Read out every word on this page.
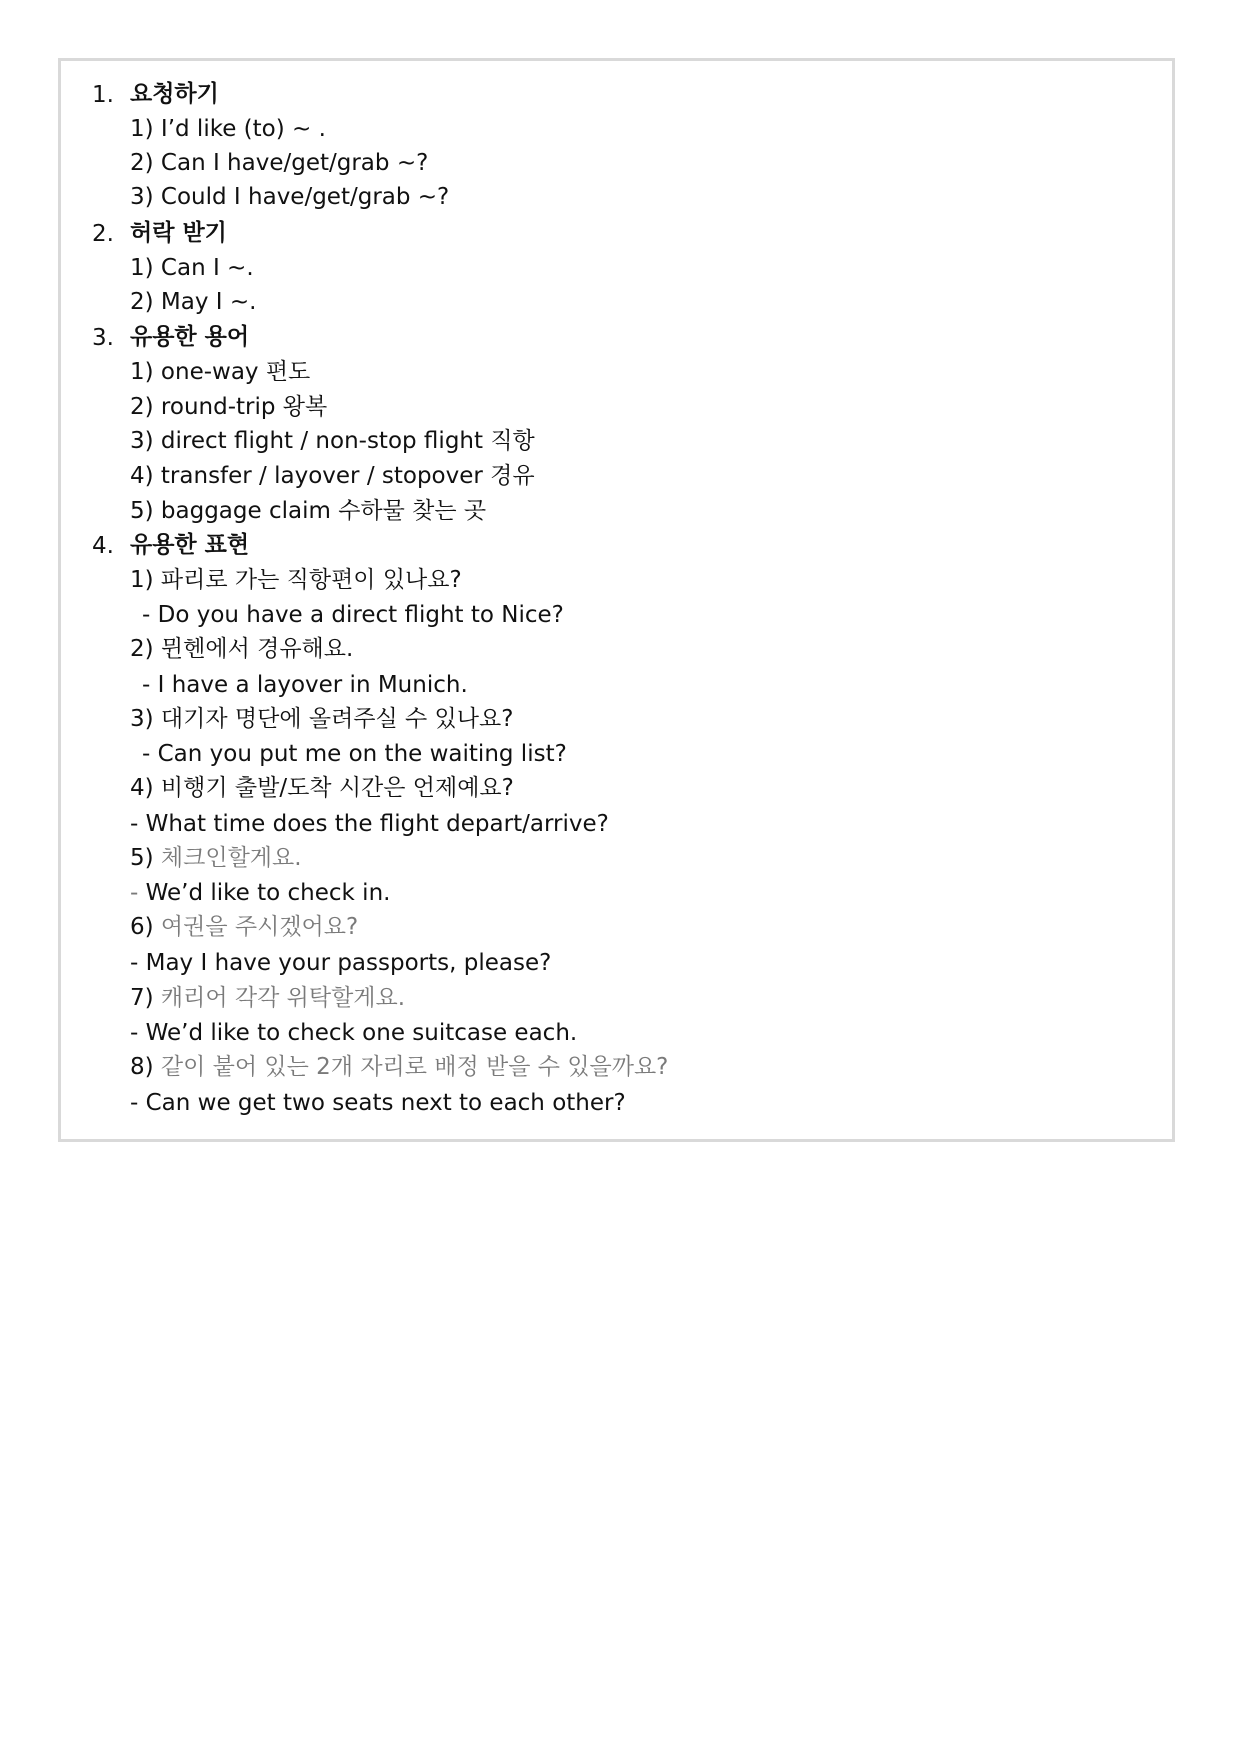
1. 요청하기
1) I’d like (to) ~ .
2) Can I have/get/grab ~?
3) Could I have/get/grab ~?
2. 허락 받기
1) Can I ~.
2) May I ~.
3. 유용한 용어
1) one-way 편도
2) round-trip 왕복
3) direct flight / non-stop flight 직항
4) transfer / layover / stopover 경유
5) baggage claim 수하물 찾는 곳
4. 유용한 표현
1) 파리로 가는 직항편이 있나요?
- Do you have a direct flight to Nice?
2) 뮌헨에서 경유해요.
- I have a layover in Munich.
3) 대기자 명단에 올려주실 수 있나요?
- Can you put me on the waiting list?
4) 비행기 출발/도착 시간은 언제예요?
- What time does the flight depart/arrive?
5) 체크인할게요.
- We’d like to check in.
6) 여권을 주시겠어요?
- May I have your passports, please?
7) 캐리어 각각 위탁할게요.
- We’d like to check one suitcase each.
8) 같이 붙어 있는 2개 자리로 배정 받을 수 있을까요?
- Can we get two seats next to each other?
